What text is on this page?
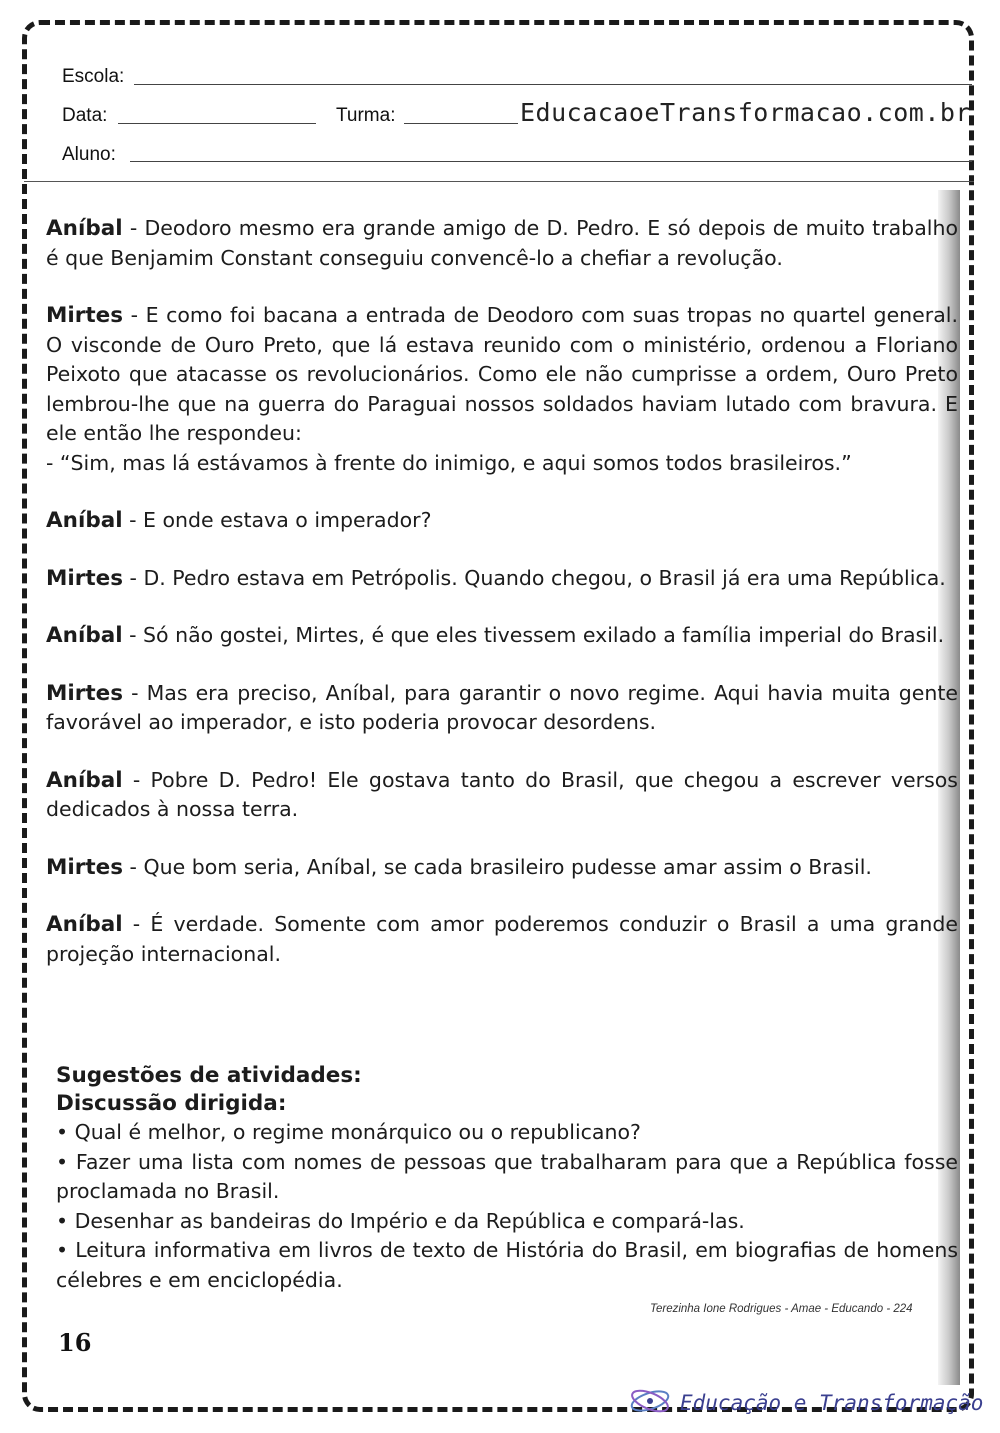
Escola:
Data:	Turma:	EducacaoeTransformacao.com.br
Aluno:

Aníbal - Deodoro mesmo era grande amigo de D. Pedro. E só depois de muito trabalho é que Benjamim Constant conseguiu convencê-lo a chefiar a revolução.

Mirtes - E como foi bacana a entrada de Deodoro com suas tropas no quartel general. O visconde de Ouro Preto, que lá estava reunido com o ministério, ordenou a Floriano Peixoto que atacasse os revolucionários. Como ele não cumprisse a ordem, Ouro Preto lembrou-lhe que na guerra do Paraguai nossos soldados haviam lutado com bravura. E ele então lhe respondeu:
- “Sim, mas lá estávamos à frente do inimigo, e aqui somos todos brasileiros.”

Aníbal - E onde estava o imperador?

Mirtes - D. Pedro estava em Petrópolis. Quando chegou, o Brasil já era uma República.

Aníbal - Só não gostei, Mirtes, é que eles tivessem exilado a família imperial do Brasil.

Mirtes - Mas era preciso, Aníbal, para garantir o novo regime. Aqui havia muita gente favorável ao imperador, e isto poderia provocar desordens.

Aníbal - Pobre D. Pedro! Ele gostava tanto do Brasil, que chegou a escrever versos dedicados à nossa terra.

Mirtes - Que bom seria, Aníbal, se cada brasileiro pudesse amar assim o Brasil.

Aníbal - É verdade. Somente com amor poderemos conduzir o Brasil a uma grande projeção internacional.

Sugestões de atividades:
Discussão dirigida:
• Qual é melhor, o regime monárquico ou o republicano?
• Fazer uma lista com nomes de pessoas que trabalharam para que a República fosse proclamada no Brasil.
• Desenhar as bandeiras do Império e da República e compará-las.
• Leitura informativa em livros de texto de História do Brasil, em biografias de homens célebres e em enciclopédia.
Terezinha Ione Rodrigues - Amae - Educando - 224
16
Educação e Transformação
